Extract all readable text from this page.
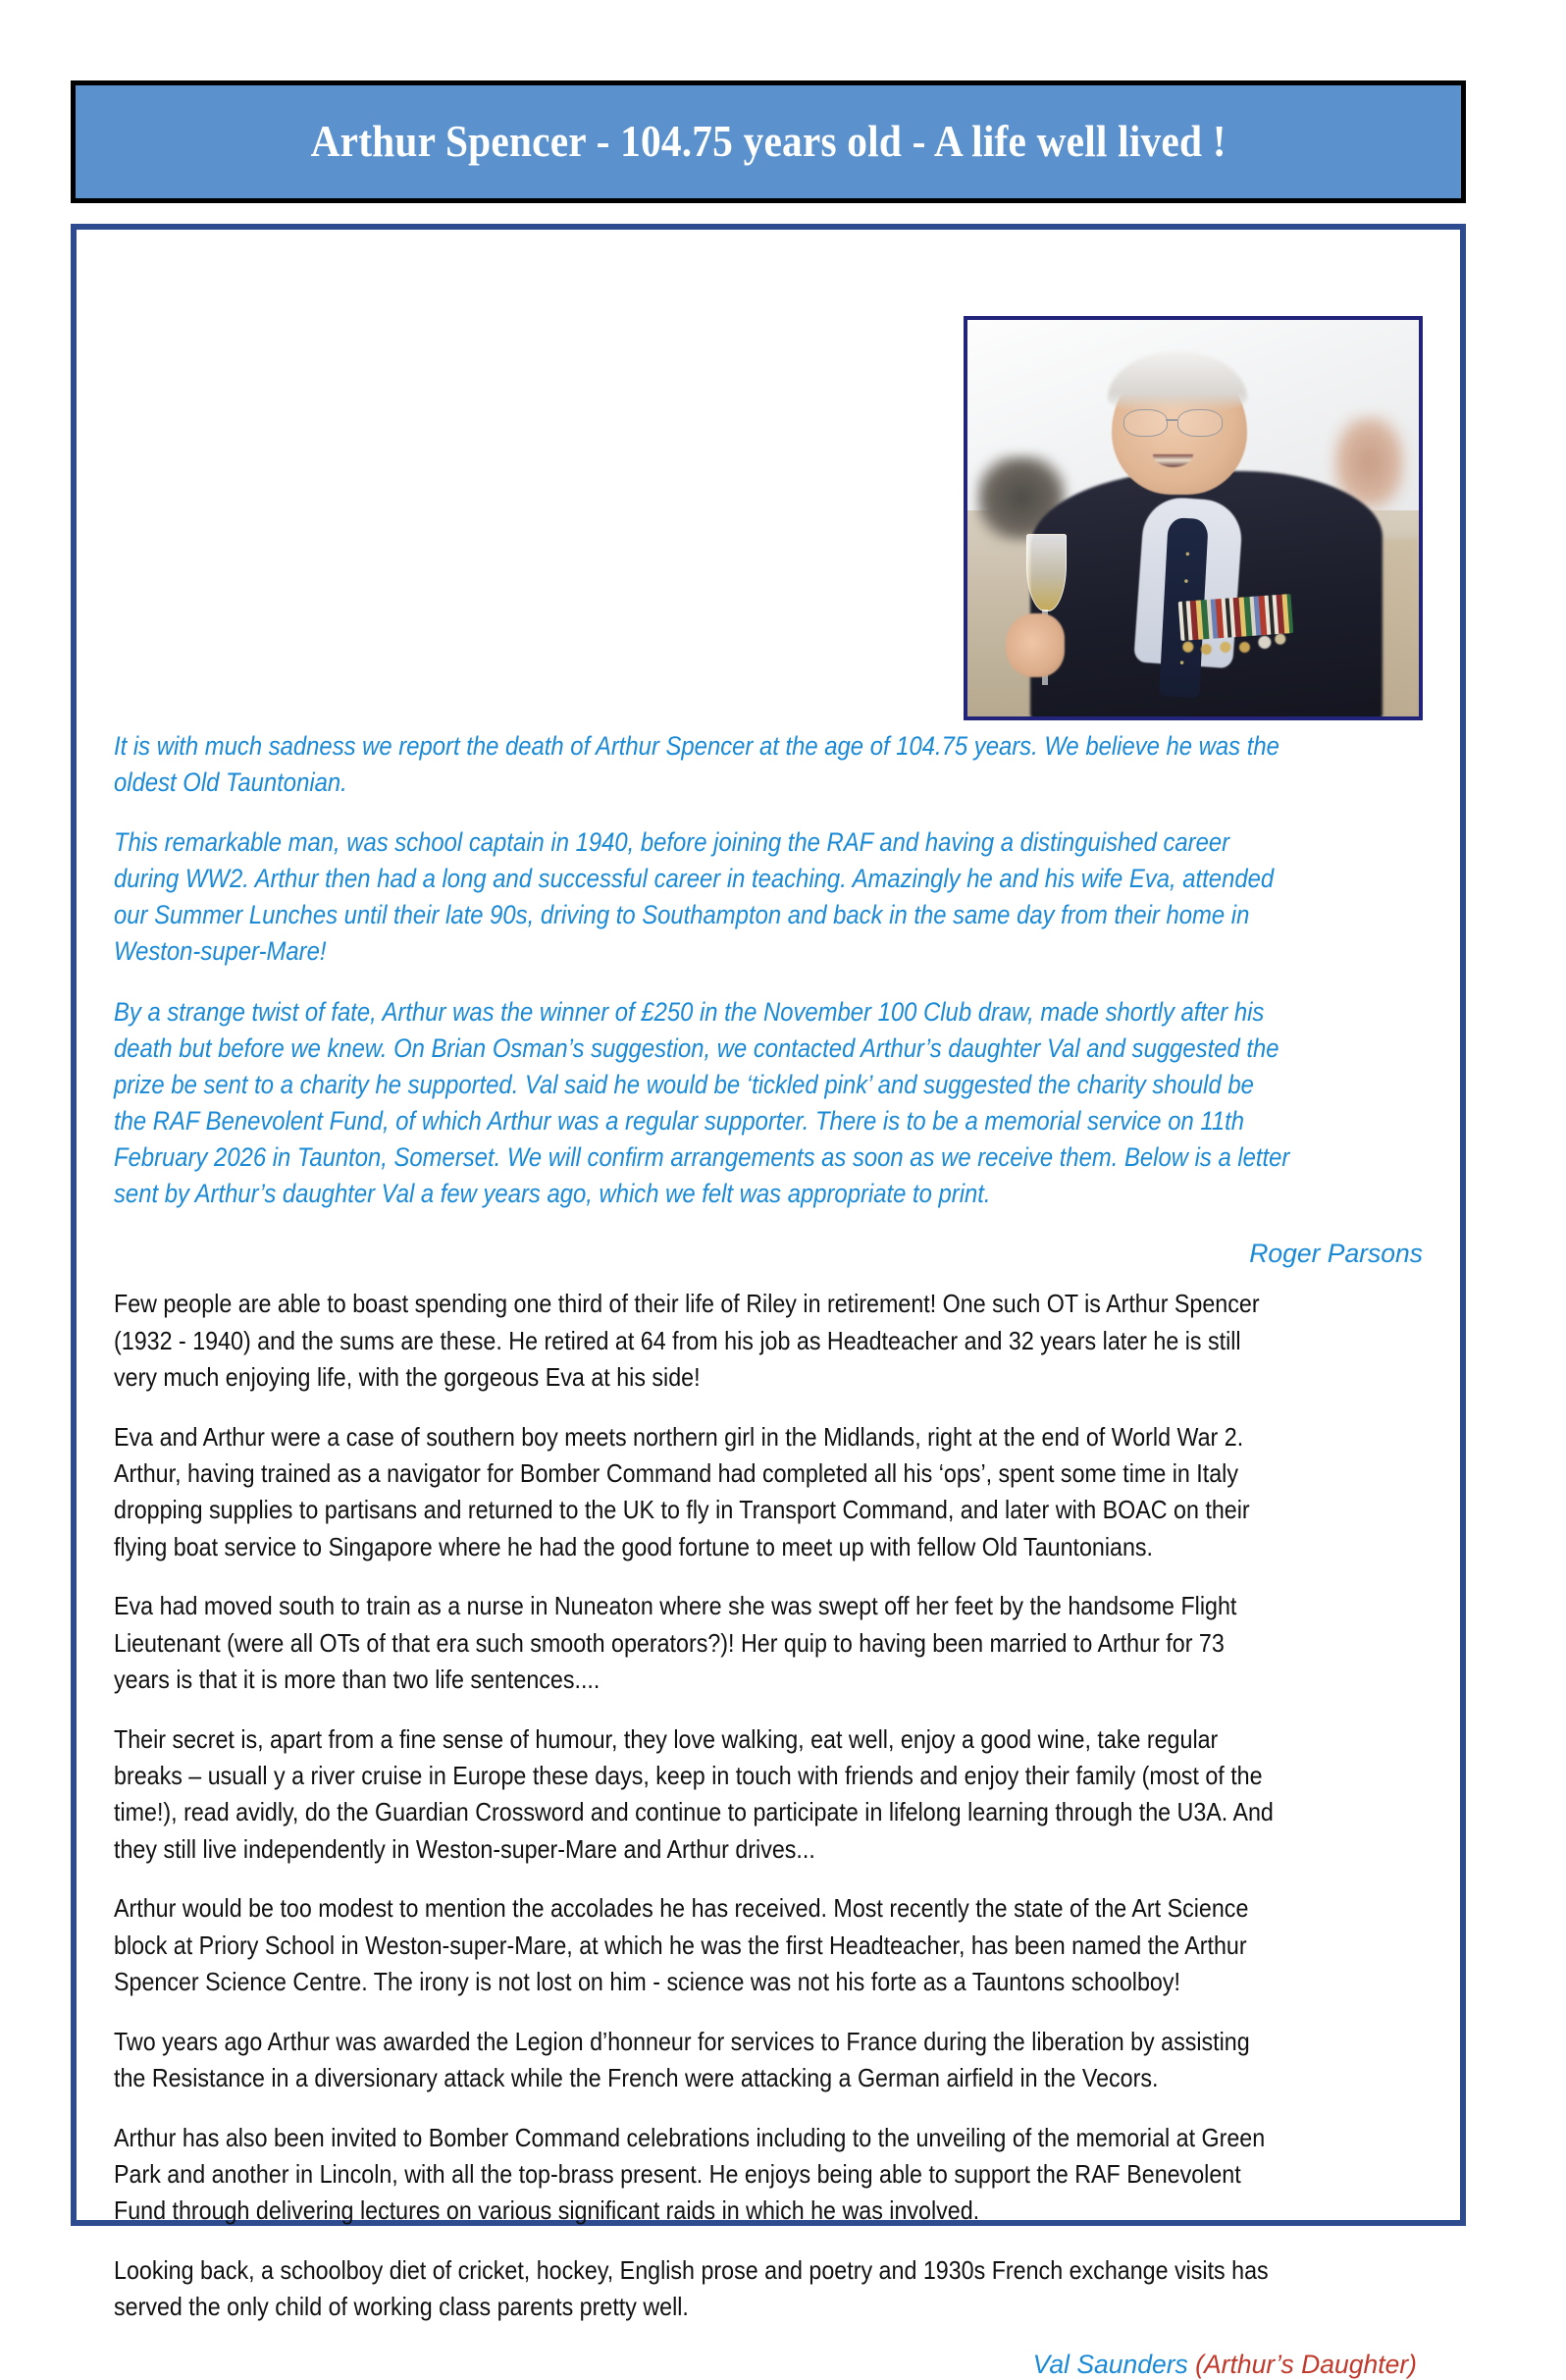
Arthur Spencer - 104.75 years old - A life well lived !

It is with much sadness we report the death of Arthur Spencer at the age of 104.75 years. We believe he was the oldest Old Tauntonian.

This remarkable man, was school captain in 1940, before joining the RAF and having a distinguished career during WW2. Arthur then had a long and successful career in teaching. Amazingly he and his wife Eva, attended our Summer Lunches until their late 90s, driving to Southampton and back in the same day from their home in Weston-super-Mare!

By a strange twist of fate, Arthur was the winner of £250 in the November 100 Club draw, made shortly after his death but before we knew. On Brian Osman’s suggestion, we contacted Arthur’s daughter Val and suggested the prize be sent to a charity he supported. Val said he would be ‘tickled pink’ and suggested the charity should be the RAF Benevolent Fund, of which Arthur was a regular supporter. There is to be a memorial service on 11th February 2026 in Taunton, Somerset. We will confirm arrangements as soon as we receive them. Below is a letter sent by Arthur’s daughter Val a few years ago, which we felt was appropriate to print.

Roger Parsons

Few people are able to boast spending one third of their life of Riley in retirement! One such OT is Arthur Spencer (1932 - 1940) and the sums are these. He retired at 64 from his job as Headteacher and 32 years later he is still very much enjoying life, with the gorgeous Eva at his side!

Eva and Arthur were a case of southern boy meets northern girl in the Midlands, right at the end of World War 2. Arthur, having trained as a navigator for Bomber Command had completed all his ‘ops’, spent some time in Italy dropping supplies to partisans and returned to the UK to fly in Transport Command, and later with BOAC on their flying boat service to Singapore where he had the good fortune to meet up with fellow Old Tauntonians.

Eva had moved south to train as a nurse in Nuneaton where she was swept off her feet by the handsome Flight Lieutenant (were all OTs of that era such smooth operators?)! Her quip to having been married to Arthur for 73 years is that it is more than two life sentences....

Their secret is, apart from a fine sense of humour, they love walking, eat well, enjoy a good wine, take regular breaks – usuall y a river cruise in Europe these days, keep in touch with friends and enjoy their family (most of the time!), read avidly, do the Guardian Crossword and continue to participate in lifelong learning through the U3A. And they still live independently in Weston-super-Mare and Arthur drives...

Arthur would be too modest to mention the accolades he has received. Most recently the state of the Art Science block at Priory School in Weston-super-Mare, at which he was the first Headteacher, has been named the Arthur Spencer Science Centre. The irony is not lost on him - science was not his forte as a Tauntons schoolboy!

Two years ago Arthur was awarded the Legion d’honneur for services to France during the liberation by assisting the Resistance in a diversionary attack while the French were attacking a German airfield in the Vecors.

Arthur has also been invited to Bomber Command celebrations including to the unveiling of the memorial at Green Park and another in Lincoln, with all the top-brass present. He enjoys being able to support the RAF Benevolent Fund through delivering lectures on various significant raids in which he was involved.

Looking back, a schoolboy diet of cricket, hockey, English prose and poetry and 1930s French exchange visits has served the only child of working class parents pretty well.

Val Saunders (Arthur’s Daughter)
